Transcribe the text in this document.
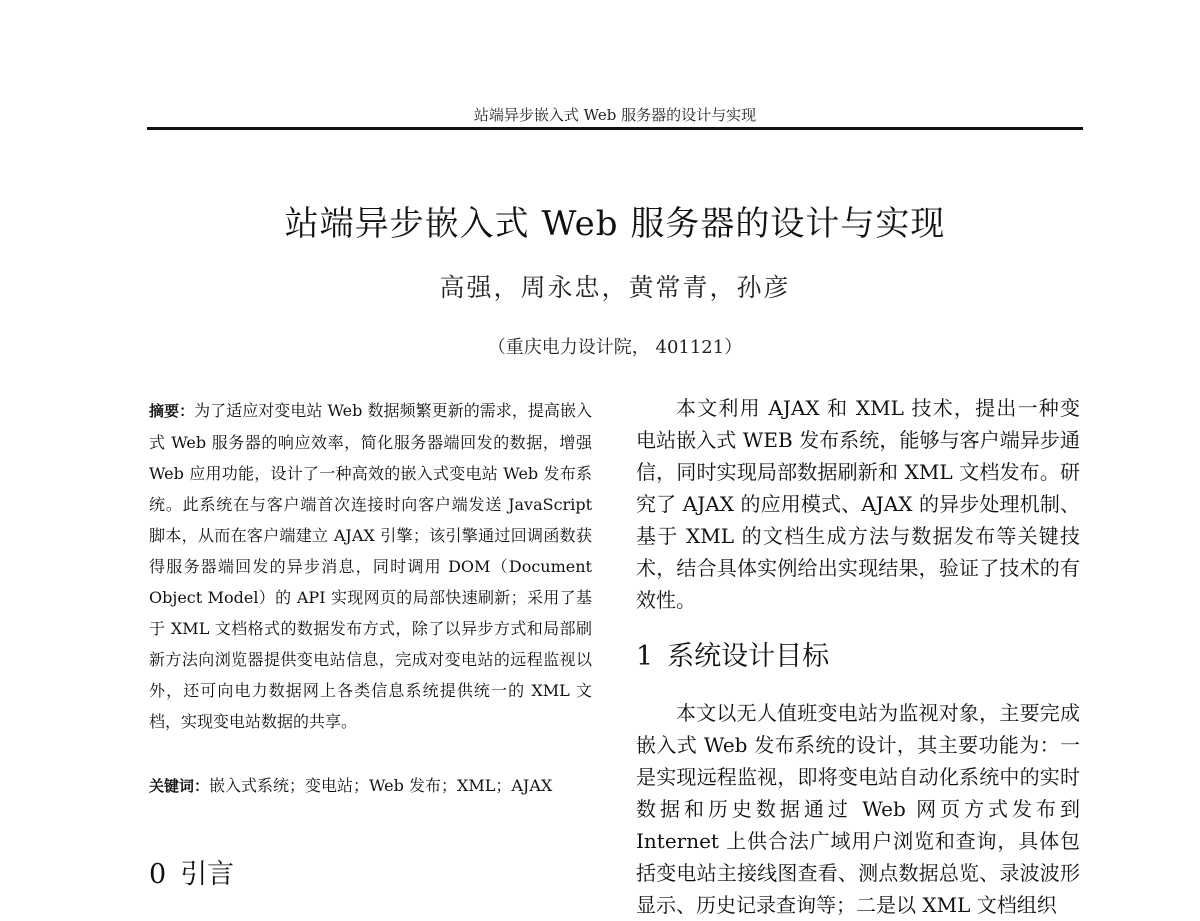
站端异步嵌入式 Web 服务器的设计与实现
站端异步嵌入式 Web 服务器的设计与实现
高强，周永忠，黄常青，孙彦
（重庆电力设计院， 401121）
摘要：为了适应对变电站 Web 数据频繁更新的需求，提高嵌入式 Web 服务器的响应效率，简化服务器端回发的数据，增强 Web 应用功能，设计了一种高效的嵌入式变电站 Web 发布系统。此系统在与客户端首次连接时向客户端发送 JavaScript 脚本，从而在客户端建立 AJAX 引擎；该引擎通过回调函数获得服务器端回发的异步消息，同时调用 DOM（Document Object Model）的 API 实现网页的局部快速刷新；采用了基于 XML 文档格式的数据发布方式，除了以异步方式和局部刷新方法向浏览器提供变电站信息，完成对变电站的远程监视以外，还可向电力数据网上各类信息系统提供统一的 XML 文档，实现变电站数据的共享。
关键词：嵌入式系统；变电站；Web 发布；XML；AJAX
0 引言

本文利用 AJAX 和 XML 技术，提出一种变电站嵌入式 WEB 发布系统，能够与客户端异步通信，同时实现局部数据刷新和 XML 文档发布。研究了 AJAX 的应用模式、AJAX 的异步处理机制、基于 XML 的文档生成方法与数据发布等关键技术，结合具体实例给出实现结果，验证了技术的有效性。

1 系统设计目标

本文以无人值班变电站为监视对象，主要完成嵌入式 Web 发布系统的设计，其主要功能为：一是实现远程监视，即将变电站自动化系统中的实时数据和历史数据通过 Web 网页方式发布到 Internet 上供合法广域用户浏览和查询，具体包括变电站主接线图查看、测点数据总览、录波波形显示、历史记录查询等；二是以 XML 文档组织
